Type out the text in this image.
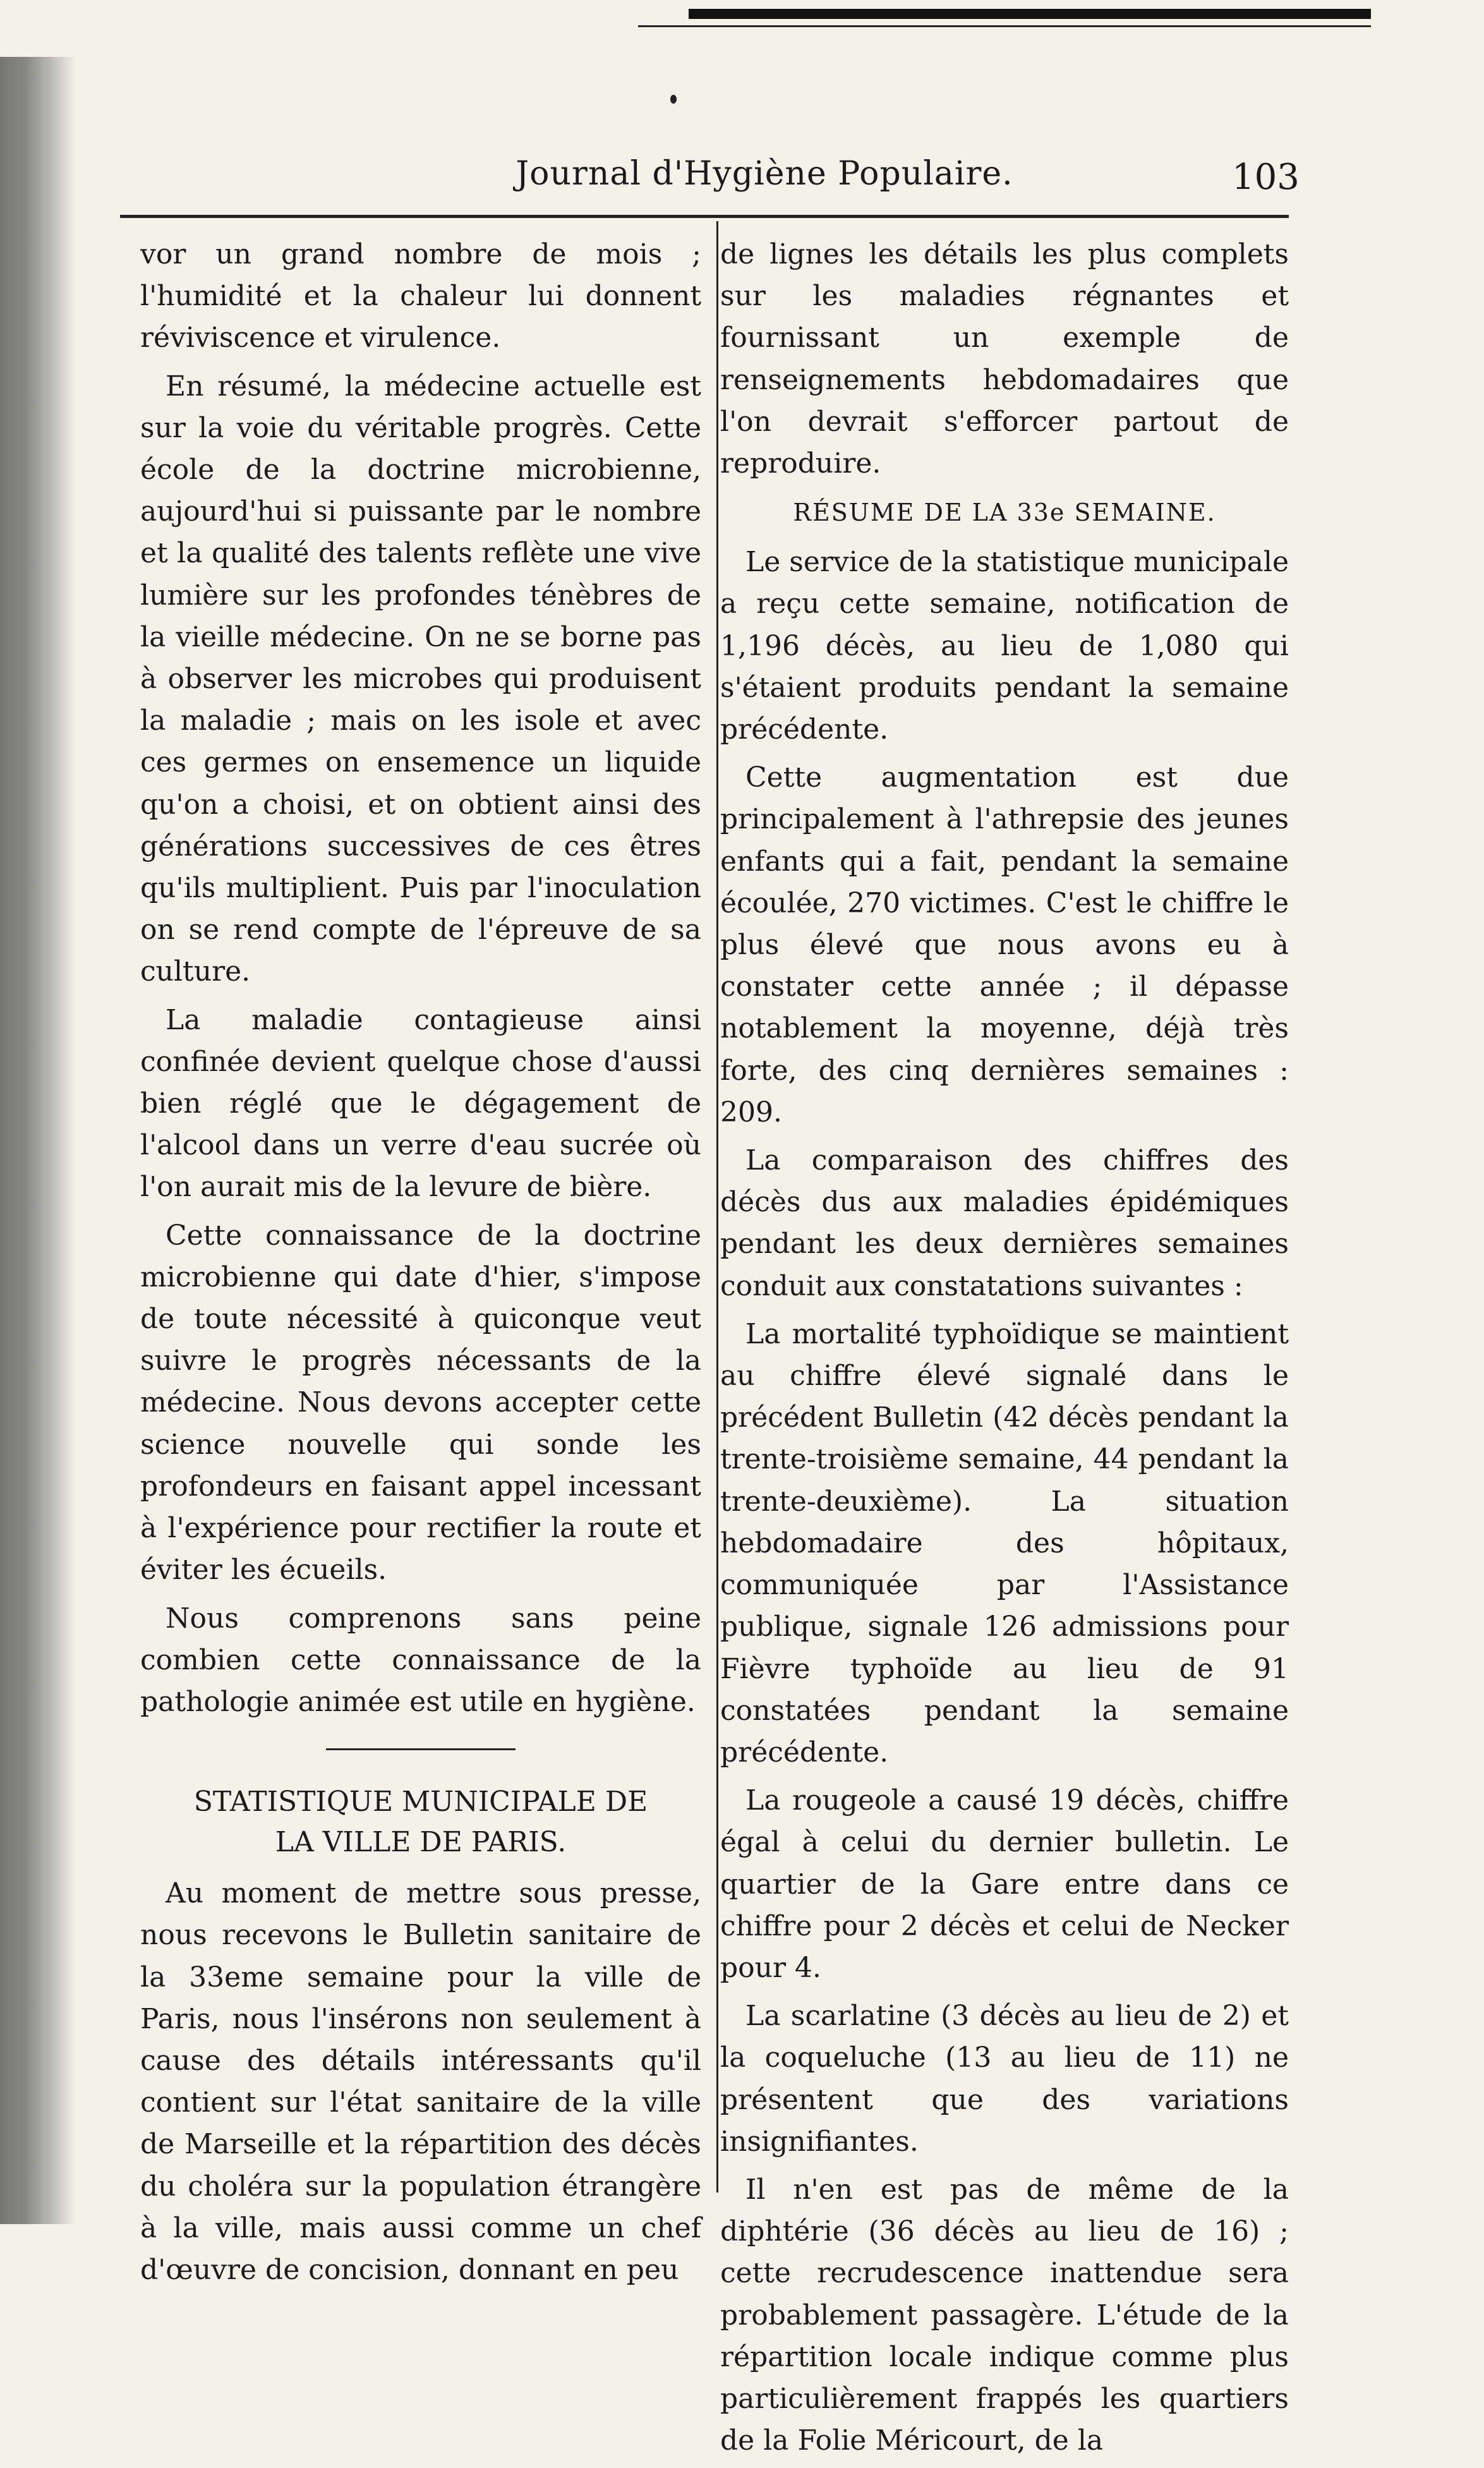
Journal d'Hygiène Populaire.	103

vor un grand nombre de mois ; l'humidité et la chaleur lui donnent réviviscence et virulence.

En résumé, la médecine actuelle est sur la voie du véritable progrès. Cette école de la doctrine microbienne, aujourd'hui si puissante par le nombre et la qualité des talents reflète une vive lumière sur les profondes ténèbres de la vieille médecine. On ne se borne pas à observer les microbes qui produisent la maladie ; mais on les isole et avec ces germes on ensemence un liquide qu'on a choisi, et on obtient ainsi des générations successives de ces êtres qu'ils multiplient. Puis par l'inoculation on se rend compte de l'épreuve de sa culture.

La maladie contagieuse ainsi confinée devient quelque chose d'aussi bien réglé que le dégagement de l'alcool dans un verre d'eau sucrée où l'on aurait mis de la levure de bière.

Cette connaissance de la doctrine microbienne qui date d'hier, s'impose de toute nécessité à quiconque veut suivre le progrès nécessants de la médecine. Nous devons accepter cette science nouvelle qui sonde les profondeurs en faisant appel incessant à l'expérience pour rectifier la route et éviter les écueils.

Nous comprenons sans peine combien cette connaissance de la pathologie animée est utile en hygiène.

STATISTIQUE MUNICIPALE DE
LA VILLE DE PARIS.

Au moment de mettre sous presse, nous recevons le Bulletin sanitaire de la 33eme semaine pour la ville de Paris, nous l'insérons non seulement à cause des détails intéressants qu'il contient sur l'état sanitaire de la ville de Marseille et la répartition des décès du choléra sur la population étrangère à la ville, mais aussi comme un chef d'œuvre de concision, donnant en peu

de lignes les détails les plus complets sur les maladies régnantes et fournissant un exemple de renseignements hebdomadaires que l'on devrait s'efforcer partout de reproduire.

RÉSUME DE LA 33e SEMAINE.

Le service de la statistique municipale a reçu cette semaine, notification de 1,196 décès, au lieu de 1,080 qui s'étaient produits pendant la semaine précédente.

Cette augmentation est due principalement à l'athrepsie des jeunes enfants qui a fait, pendant la semaine écoulée, 270 victimes. C'est le chiffre le plus élevé que nous avons eu à constater cette année ; il dépasse notablement la moyenne, déjà très forte, des cinq dernières semaines : 209.

La comparaison des chiffres des décès dus aux maladies épidémiques pendant les deux dernières semaines conduit aux constatations suivantes :

La mortalité typhoïdique se maintient au chiffre élevé signalé dans le précédent Bulletin (42 décès pendant la trente-troisième semaine, 44 pendant la trente-deuxième). La situation hebdomadaire des hôpitaux, communiquée par l'Assistance publique, signale 126 admissions pour Fièvre typhoïde au lieu de 91 constatées pendant la semaine précédente.

La rougeole a causé 19 décès, chiffre égal à celui du dernier bulletin. Le quartier de la Gare entre dans ce chiffre pour 2 décès et celui de Necker pour 4.

La scarlatine (3 décès au lieu de 2) et la coqueluche (13 au lieu de 11) ne présentent que des variations insignifiantes.

Il n'en est pas de même de la diphtérie (36 décès au lieu de 16) ; cette recrudescence inattendue sera probablement passagère. L'étude de la répartition locale indique comme plus particulièrement frappés les quartiers de la Folie Méricourt, de la
